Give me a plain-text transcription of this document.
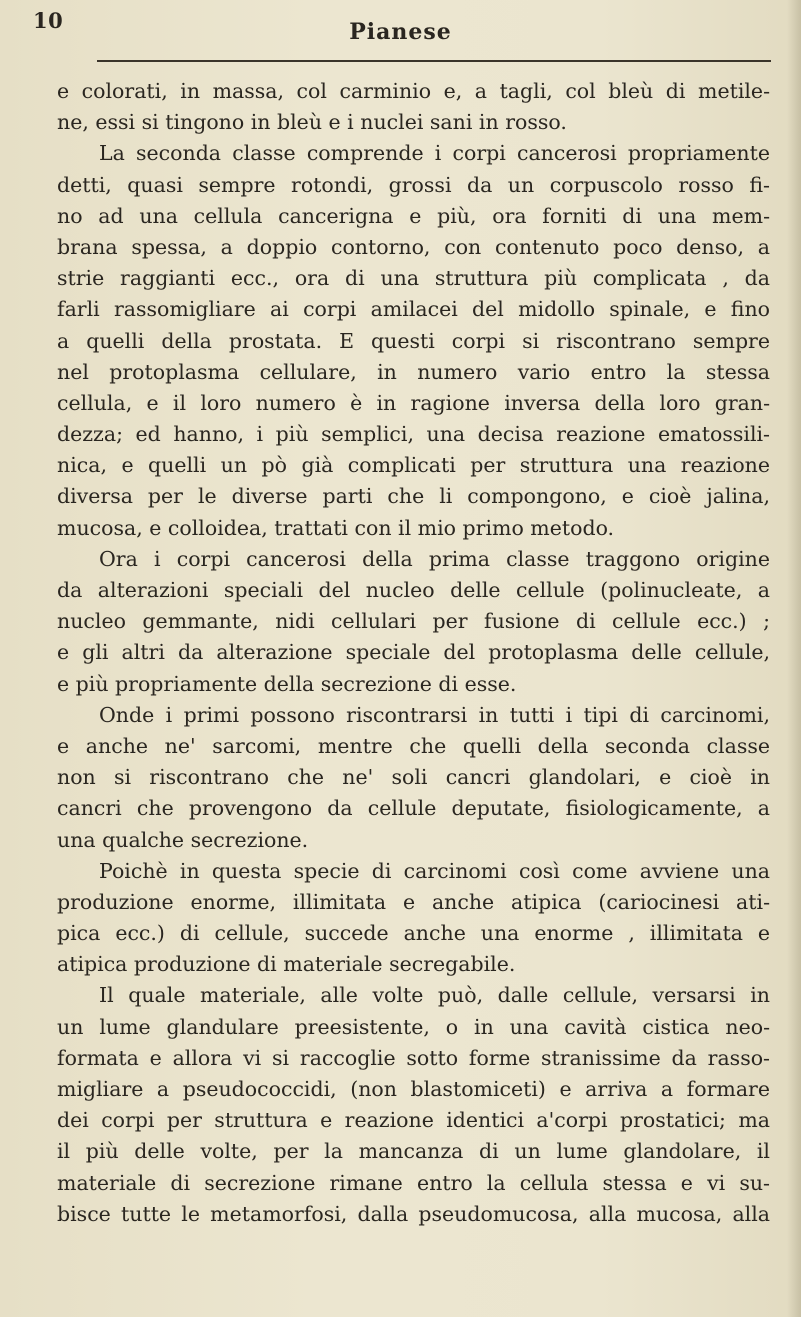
10	Pianese
e colorati, in massa, col carminio e, a tagli, col bleù di metile-
ne, essi si tingono in bleù e i nuclei sani in rosso.
La seconda classe comprende i corpi cancerosi propriamente
detti, quasi sempre rotondi, grossi da un corpuscolo rosso fi-
no ad una cellula cancerigna e più, ora forniti di una mem-
brana spessa, a doppio contorno, con contenuto poco denso, a
strie raggianti ecc., ora di una struttura più complicata , da
farli rassomigliare ai corpi amilacei del midollo spinale, e fino
a quelli della prostata. E questi corpi si riscontrano sempre
nel protoplasma cellulare, in numero vario entro la stessa
cellula, e il loro numero è in ragione inversa della loro gran-
dezza; ed hanno, i più semplici, una decisa reazione ematossili-
nica, e quelli un pò già complicati per struttura una reazione
diversa per le diverse parti che li compongono, e cioè jalina,
mucosa, e colloidea, trattati con il mio primo metodo.
Ora i corpi cancerosi della prima classe traggono origine
da alterazioni speciali del nucleo delle cellule (polinucleate, a
nucleo gemmante, nidi cellulari per fusione di cellule ecc.) ;
e gli altri da alterazione speciale del protoplasma delle cellule,
e più propriamente della secrezione di esse.
Onde i primi possono riscontrarsi in tutti i tipi di carcinomi,
e anche ne' sarcomi, mentre che quelli della seconda classe
non si riscontrano che ne' soli cancri glandolari, e cioè in
cancri che provengono da cellule deputate, fisiologicamente, a
una qualche secrezione.
Poichè in questa specie di carcinomi così come avviene una
produzione enorme, illimitata e anche atipica (cariocinesi ati-
pica ecc.) di cellule, succede anche una enorme , illimitata e
atipica produzione di materiale secregabile.
Il quale materiale, alle volte può, dalle cellule, versarsi in
un lume glandulare preesistente, o in una cavità cistica neo-
formata e allora vi si raccoglie sotto forme stranissime da rasso-
migliare a pseudococcidi, (non blastomiceti) e arriva a formare
dei corpi per struttura e reazione identici a'corpi prostatici; ma
il più delle volte, per la mancanza di un lume glandolare, il
materiale di secrezione rimane entro la cellula stessa e vi su-
bisce tutte le metamorfosi, dalla pseudomucosa, alla mucosa, alla
